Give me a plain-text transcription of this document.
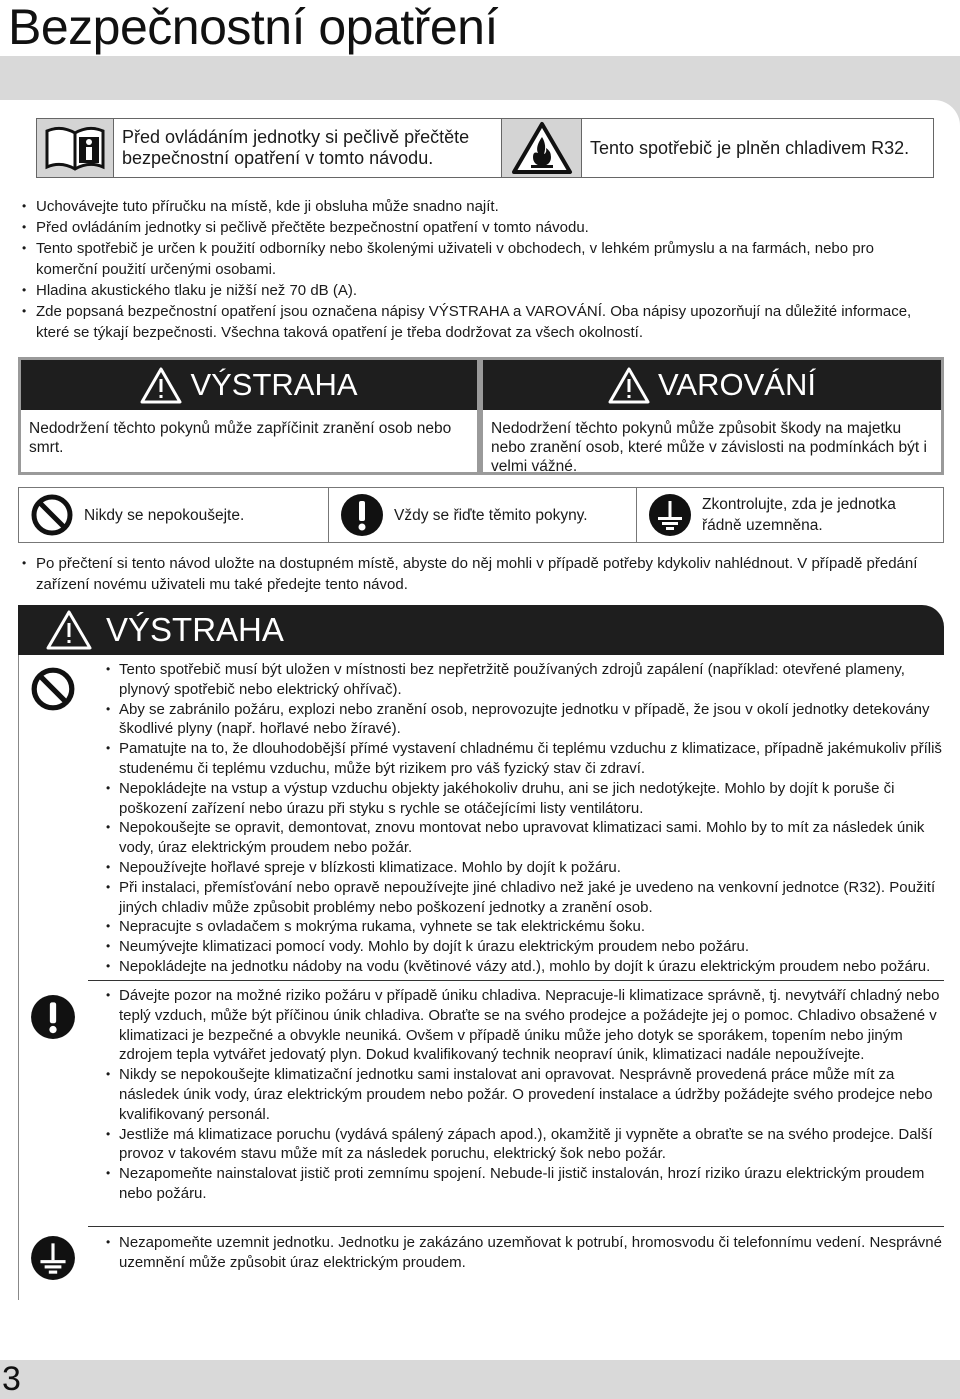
Bezpečnostní opatření
Před ovládáním jednotky si pečlivě přečtěte bezpečnostní opatření v tomto návodu.
Tento spotřebič je plněn chladivem R32.
• Uchovávejte tuto příručku na místě, kde ji obsluha může snadno najít.
• Před ovládáním jednotky si pečlivě přečtěte bezpečnostní opatření v tomto návodu.
• Tento spotřebič je určen k použití odborníky nebo školenými uživateli v obchodech, v lehkém průmyslu a na farmách, nebo pro komerční použití určenými osobami.
• Hladina akustického tlaku je nižší než 70 dB (A).
• Zde popsaná bezpečnostní opatření jsou označena nápisy VÝSTRAHA a VAROVÁNÍ. Oba nápisy upozorňují na důležité informace, které se týkají bezpečnosti. Všechna taková opatření je třeba dodržovat za všech okolností.
VÝSTRAHA
Nedodržení těchto pokynů může zapříčinit zranění osob nebo smrt.
VAROVÁNÍ
Nedodržení těchto pokynů může způsobit škody na majetku nebo zranění osob, které může v závislosti na podmínkách být i velmi vážné.
Nikdy se nepokoušejte.	Vždy se řiďte těmito pokyny.
Zkontrolujte, zda je jednotka řádně uzemněna.
• Po přečtení si tento návod uložte na dostupném místě, abyste do něj mohli v případě potřeby kdykoliv nahlédnout. V případě předání zařízení novému uživateli mu také předejte tento návod.
VÝSTRAHA
• Tento spotřebič musí být uložen v místnosti bez nepřetržitě používaných zdrojů zapálení (například: otevřené plameny, plynový spotřebič nebo elektrický ohřívač).
• Aby se zabránilo požáru, explozi nebo zranění osob, neprovozujte jednotku v případě, že jsou v okolí jednotky detekovány škodlivé plyny (např. hořlavé nebo žíravé).
• Pamatujte na to, že dlouhodobější přímé vystavení chladnému či teplému vzduchu z klimatizace, případně jakémukoliv příliš studenému či teplému vzduchu, může být rizikem pro váš fyzický stav či zdraví.
• Nepokládejte na vstup a výstup vzduchu objekty jakéhokoliv druhu, ani se jich nedotýkejte. Mohlo by dojít k poruše či poškození zařízení nebo úrazu při styku s rychle se otáčejícími listy ventilátoru.
• Nepokoušejte se opravit, demontovat, znovu montovat nebo upravovat klimatizaci sami. Mohlo by to mít za následek únik vody, úraz elektrickým proudem nebo požár.
• Nepoužívejte hořlavé spreje v blízkosti klimatizace. Mohlo by dojít k požáru.
• Při instalaci, přemísťování nebo opravě nepoužívejte jiné chladivo než jaké je uvedeno na venkovní jednotce (R32). Použití jiných chladiv může způsobit problémy nebo poškození jednotky a zranění osob.
• Nepracujte s ovladačem s mokrýma rukama, vyhnete se tak elektrickému šoku.
• Neumývejte klimatizaci pomocí vody. Mohlo by dojít k úrazu elektrickým proudem nebo požáru.
• Nepokládejte na jednotku nádoby na vodu (květinové vázy atd.), mohlo by dojít k úrazu elektrickým proudem nebo požáru.
• Dávejte pozor na možné riziko požáru v případě úniku chladiva. Nepracuje-li klimatizace správně, tj. nevytváří chladný nebo teplý vzduch, může být příčinou únik chladiva. Obraťte se na svého prodejce a požádejte jej o pomoc. Chladivo obsažené v klimatizaci je bezpečné a obvykle neuniká. Ovšem v případě úniku může jeho dotyk se sporákem, topením nebo jiným zdrojem tepla vytvářet jedovatý plyn. Dokud kvalifikovaný technik neopraví únik, klimatizaci nadále nepoužívejte.
• Nikdy se nepokoušejte klimatizační jednotku sami instalovat ani opravovat. Nesprávně provedená práce může mít za následek únik vody, úraz elektrickým proudem nebo požár. O provedení instalace a údržby požádejte svého prodejce nebo kvalifikovaný personál.
• Jestliže má klimatizace poruchu (vydává spálený zápach apod.), okamžitě ji vypněte a obraťte se na svého prodejce. Další provoz v takovém stavu může mít za následek poruchu, elektrický šok nebo požár.
• Nezapomeňte nainstalovat jistič proti zemnímu spojení. Nebude-li jistič instalován, hrozí riziko úrazu elektrickým proudem nebo požáru.
• Nezapomeňte uzemnit jednotku. Jednotku je zakázáno uzemňovat k potrubí, hromosvodu či telefonnímu vedení. Nesprávné uzemnění může způsobit úraz elektrickým proudem.
3
